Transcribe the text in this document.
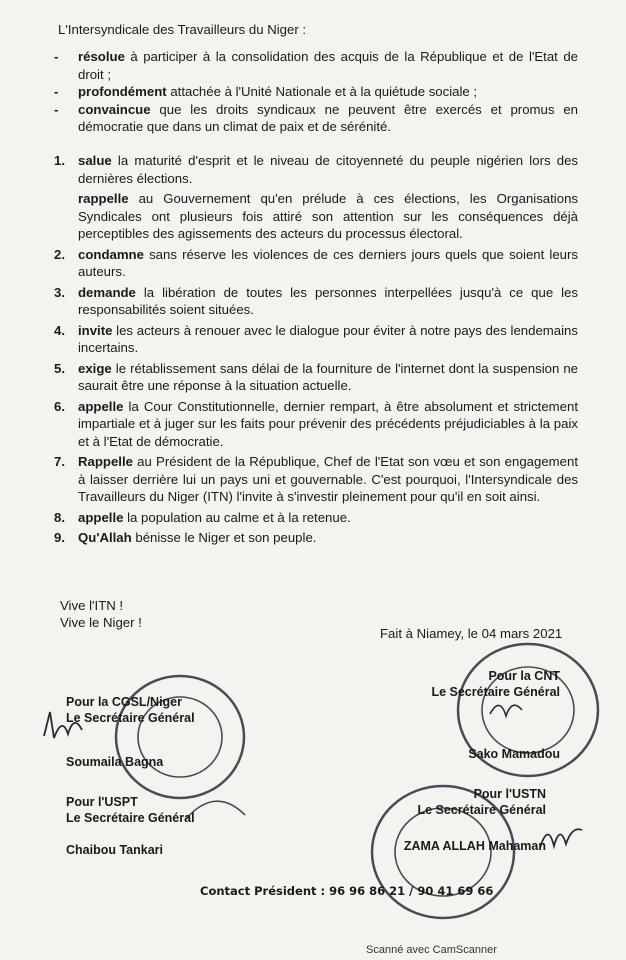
L'Intersyndicale des Travailleurs du Niger :
- résolue à participer à la consolidation des acquis de la République et de l'Etat de droit ;
- profondément attachée à l'Unité Nationale et à la quiétude sociale ;
- convaincue que les droits syndicaux ne peuvent être exercés et promus en démocratie que dans un climat de paix et de sérénité.
1. salue la maturité d'esprit et le niveau de citoyenneté du peuple nigérien lors des dernières élections.
rappelle au Gouvernement qu'en prélude à ces élections, les Organisations Syndicales ont plusieurs fois attiré son attention sur les conséquences déjà perceptibles des agissements des acteurs du processus électoral.
2. condamne sans réserve les violences de ces derniers jours quels que soient leurs auteurs.
3. demande la libération de toutes les personnes interpellées jusqu'à ce que les responsabilités soient situées.
4. invite les acteurs à renouer avec le dialogue pour éviter à notre pays des lendemains incertains.
5. exige le rétablissement sans délai de la fourniture de l'internet dont la suspension ne saurait être une réponse à la situation actuelle.
6. appelle la Cour Constitutionnelle, dernier rempart, à être absolument et strictement impartiale et à juger sur les faits pour prévenir des précédents préjudiciables à la paix et à l'Etat de démocratie.
7. Rappelle au Président de la République, Chef de l'Etat son vœu et son engagement à laisser derrière lui un pays uni et gouvernable. C'est pourquoi, l'Intersyndicale des Travailleurs du Niger (ITN) l'invite à s'investir pleinement pour qu'il en soit ainsi.
8. appelle la population au calme et à la retenue.
9. Qu'Allah bénisse le Niger et son peuple.
Vive l'ITN !
Vive le Niger !
Fait à Niamey, le 04 mars 2021
Pour la CGSL/Niger
Le Secrétaire Général
Soumaila Bagna
Pour la CNT
Le Secrétaire Général
Sako Mamadou
Pour l'USPT
Le Secrétaire Général
Chaibou Tankari
Pour l'USTN
Le Secrétaire Général
ZAMA ALLAH Mahaman
Contact Président : 96 96 86 21 / 90 41 69 66
Scanné avec CamScanner
